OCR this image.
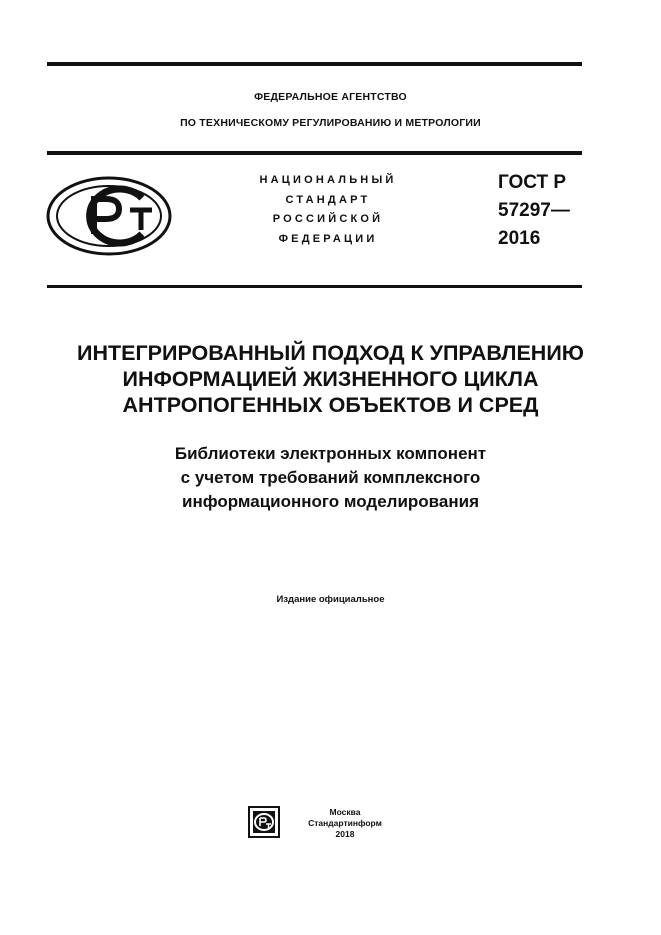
ФЕДЕРАЛЬНОЕ АГЕНТСТВО
ПО ТЕХНИЧЕСКОМУ РЕГУЛИРОВАНИЮ И МЕТРОЛОГИИ
НАЦИОНАЛЬНЫЙ
СТАНДАРТ
РОССИЙСКОЙ
ФЕДЕРАЦИИ
ГОСТ Р
57297—
2016
ИНТЕГРИРОВАННЫЙ ПОДХОД К УПРАВЛЕНИЮ
ИНФОРМАЦИЕЙ ЖИЗНЕННОГО ЦИКЛА
АНТРОПОГЕННЫХ ОБЪЕКТОВ И СРЕД
Библиотеки электронных компонент
с учетом требований комплексного
информационного моделирования
Издание официальное
Москва
Стандартинформ
2018
